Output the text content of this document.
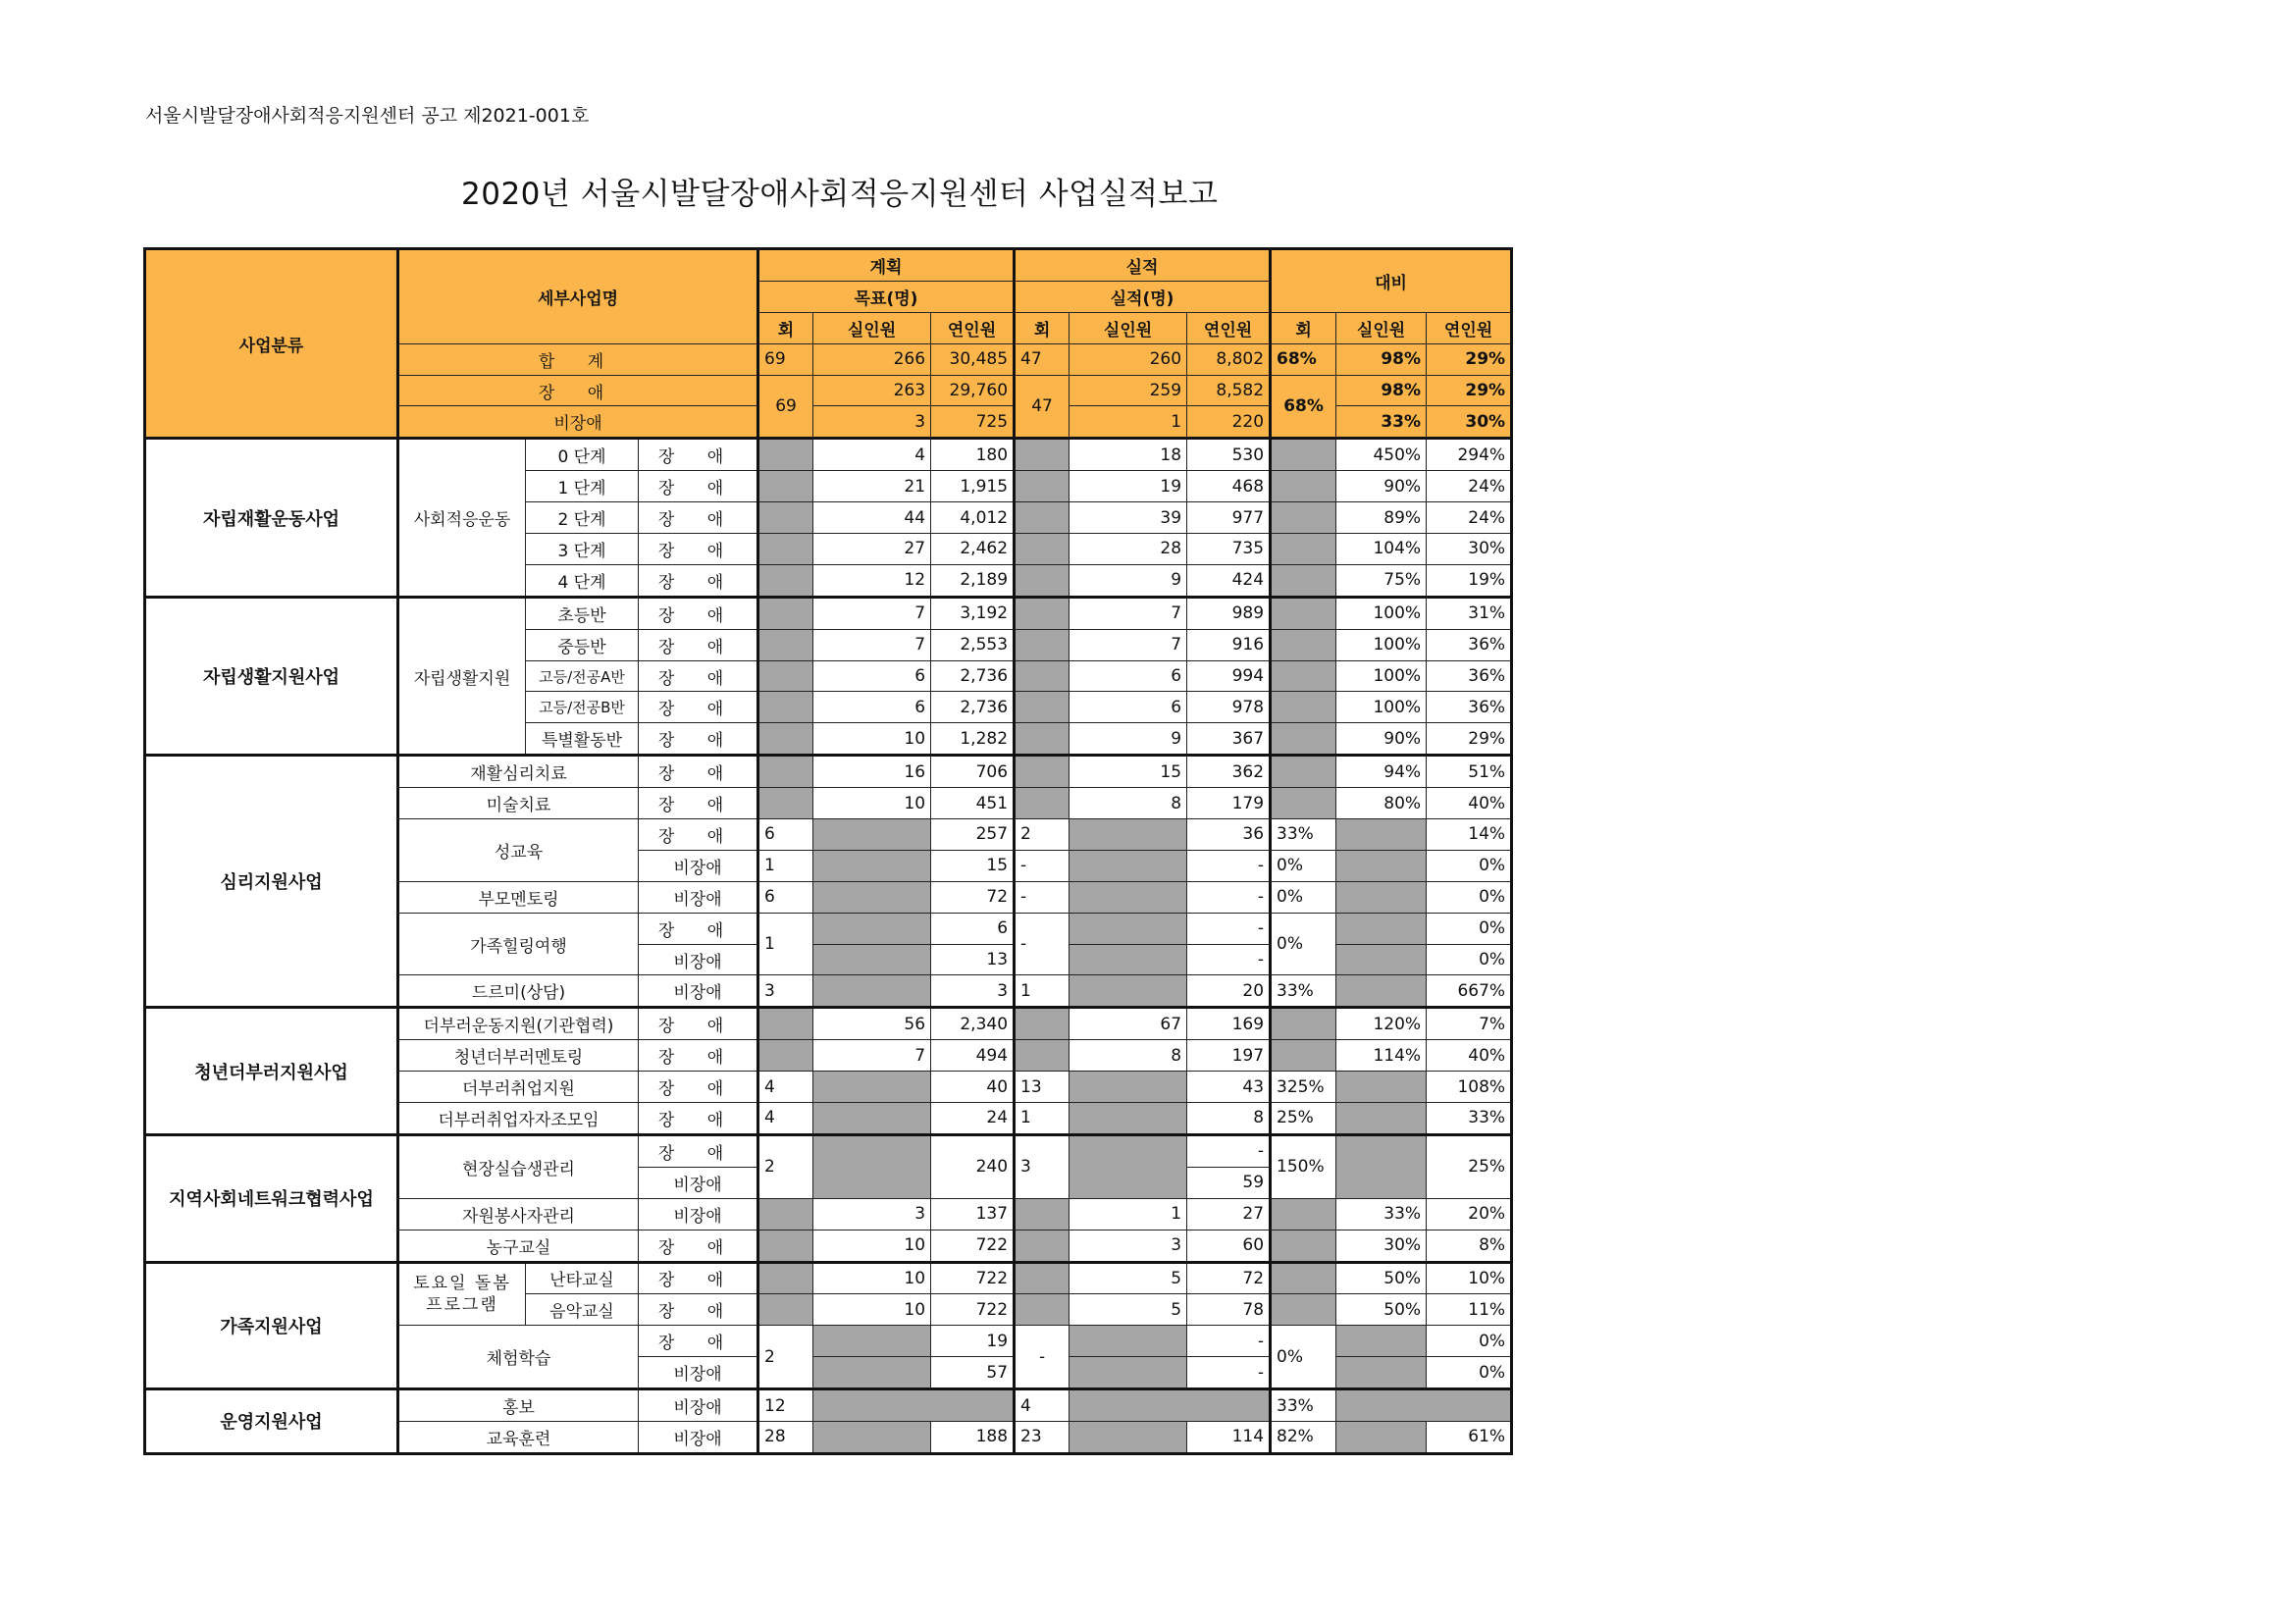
서울시발달장애사회적응지원센터 공고 제2021-001호
2020년 서울시발달장애사회적응지원센터 사업실적보고
사업분류	세부사업명			계획			실적			대비		
				목표(명)			실적(명)					
				회	실인원	연인원	회	실인원	연인원	회	실인원	연인원
	합 계			69	266	30,485	47	260	8,802	68%	98%	29%
	장 애			69	263	29,760	47	259	8,582	68%	98%	29%
	비장애				3	725		1	220		33%	30%
자립재활운동사업	사회적응운동	0 단계	장 애		4	180		18	530		450%	294%
		1 단계	장 애		21	1,915		19	468		90%	24%
		2 단계	장 애		44	4,012		39	977		89%	24%
		3 단계	장 애		27	2,462		28	735		104%	30%
		4 단계	장 애		12	2,189		9	424		75%	19%
자립생활지원사업	자립생활지원	초등반	장 애		7	3,192		7	989		100%	31%
		중등반	장 애		7	2,553		7	916		100%	36%
		고등/전공A반	장 애		6	2,736		6	994		100%	36%
		고등/전공B반	장 애		6	2,736		6	978		100%	36%
		특별활동반	장 애		10	1,282		9	367		90%	29%
심리지원사업	재활심리치료		장 애		16	706		15	362		94%	51%
	미술치료		장 애		10	451		8	179		80%	40%
	성교육		장 애	6		257	2		36	33%		14%
			비장애	1		15	-		-	0%		0%
	부모멘토링		비장애	6		72	-		-	0%		0%
	가족힐링여행		장 애	1		6	-		-	0%		0%
			비장애			13			-			0%
	드르미(상담)		비장애	3		3	1		20	33%		667%
청년더부러지원사업	더부러운동지원(기관협력)		장 애		56	2,340		67	169		120%	7%
	청년더부러멘토링		장 애		7	494		8	197		114%	40%
	더부러취업지원		장 애	4		40	13		43	325%		108%
	더부러취업자자조모임		장 애	4		24	1		8	25%		33%
지역사회네트워크협력사업	현장실습생관리		장 애	2		240	3		-	150%		25%
			비장애						59			
	자원봉사자관리		비장애		3	137		1	27		33%	20%
	농구교실		장 애		10	722		3	60		30%	8%
가족지원사업	토요일 돌봄 프로그램	난타교실	장 애		10	722		5	72		50%	10%
		음악교실	장 애		10	722		5	78		50%	11%
	체험학습		장 애	2		19	-		-	0%		0%
			비장애			57			-			0%
운영지원사업	홍보		비장애	12			4			33%		
	교육훈련		비장애	28		188	23		114	82%		61%
